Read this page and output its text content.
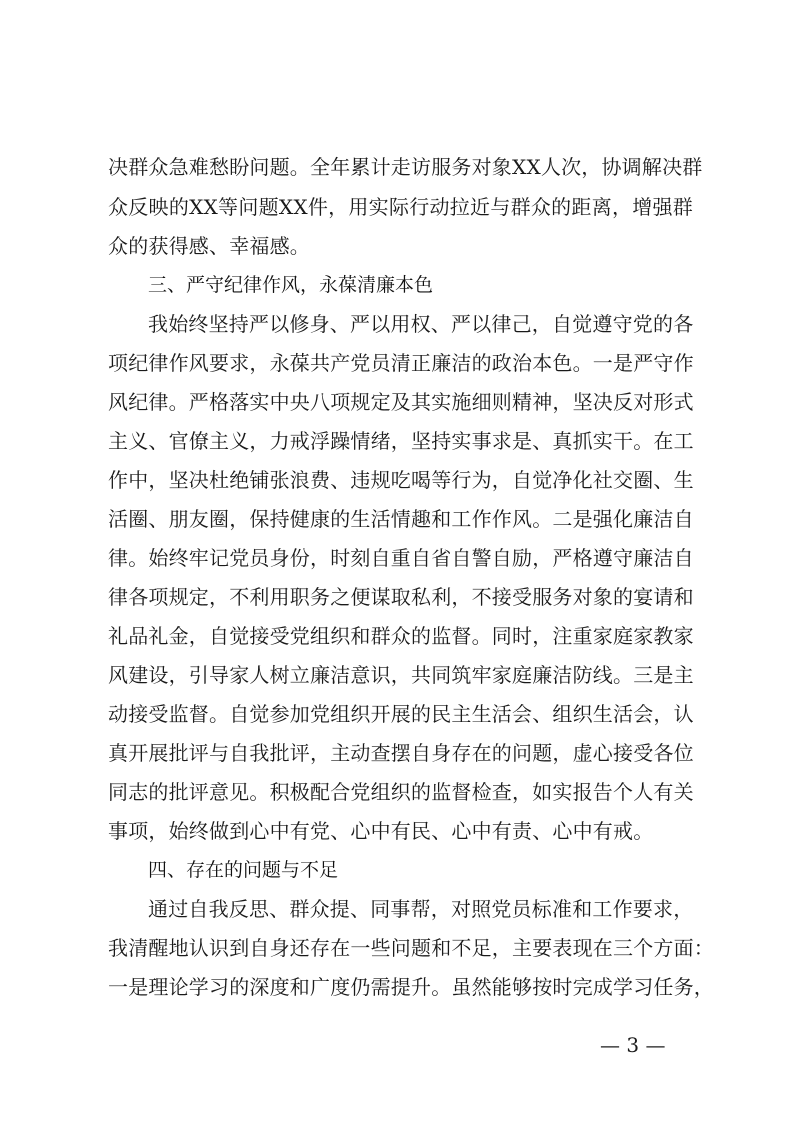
决群众急难愁盼问题。全年累计走访服务对象XX人次，协调解决群
众反映的XX等问题XX件，用实际行动拉近与群众的距离，增强群
众的获得感、幸福感。
三、严守纪律作风，永葆清廉本色
我始终坚持严以修身、严以用权、严以律己，自觉遵守党的各
项纪律作风要求，永葆共产党员清正廉洁的政治本色。一是严守作
风纪律。严格落实中央八项规定及其实施细则精神，坚决反对形式
主义、官僚主义，力戒浮躁情绪，坚持实事求是、真抓实干。在工
作中，坚决杜绝铺张浪费、违规吃喝等行为，自觉净化社交圈、生
活圈、朋友圈，保持健康的生活情趣和工作作风。二是强化廉洁自
律。始终牢记党员身份，时刻自重自省自警自励，严格遵守廉洁自
律各项规定，不利用职务之便谋取私利，不接受服务对象的宴请和
礼品礼金，自觉接受党组织和群众的监督。同时，注重家庭家教家
风建设，引导家人树立廉洁意识，共同筑牢家庭廉洁防线。三是主
动接受监督。自觉参加党组织开展的民主生活会、组织生活会，认
真开展批评与自我批评，主动查摆自身存在的问题，虚心接受各位
同志的批评意见。积极配合党组织的监督检查，如实报告个人有关
事项，始终做到心中有党、心中有民、心中有责、心中有戒。
四、存在的问题与不足
通过自我反思、群众提、同事帮，对照党员标准和工作要求，
我清醒地认识到自身还存在一些问题和不足，主要表现在三个方面：
一是理论学习的深度和广度仍需提升。虽然能够按时完成学习任务，
— 3 —
